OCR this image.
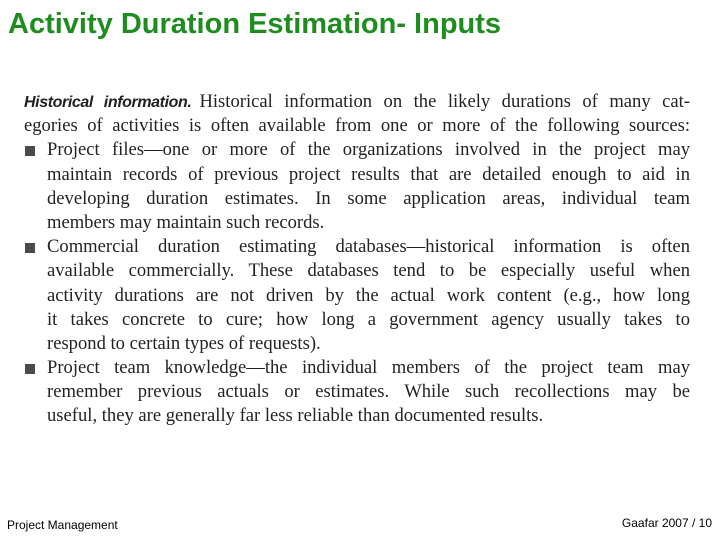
Activity Duration Estimation- Inputs
Historical information. Historical information on the likely durations of many cat-
egories of activities is often available from one or more of the following sources:
Project files—one or more of the organizations involved in the project may
maintain records of previous project results that are detailed enough to aid in
developing duration estimates. In some application areas, individual team
members may maintain such records.
Commercial duration estimating databases—historical information is often
available commercially. These databases tend to be especially useful when
activity durations are not driven by the actual work content (e.g., how long
it takes concrete to cure; how long a government agency usually takes to
respond to certain types of requests).
Project team knowledge—the individual members of the project team may
remember previous actuals or estimates. While such recollections may be
useful, they are generally far less reliable than documented results.
Project Management	Gaafar 2007 / 10
